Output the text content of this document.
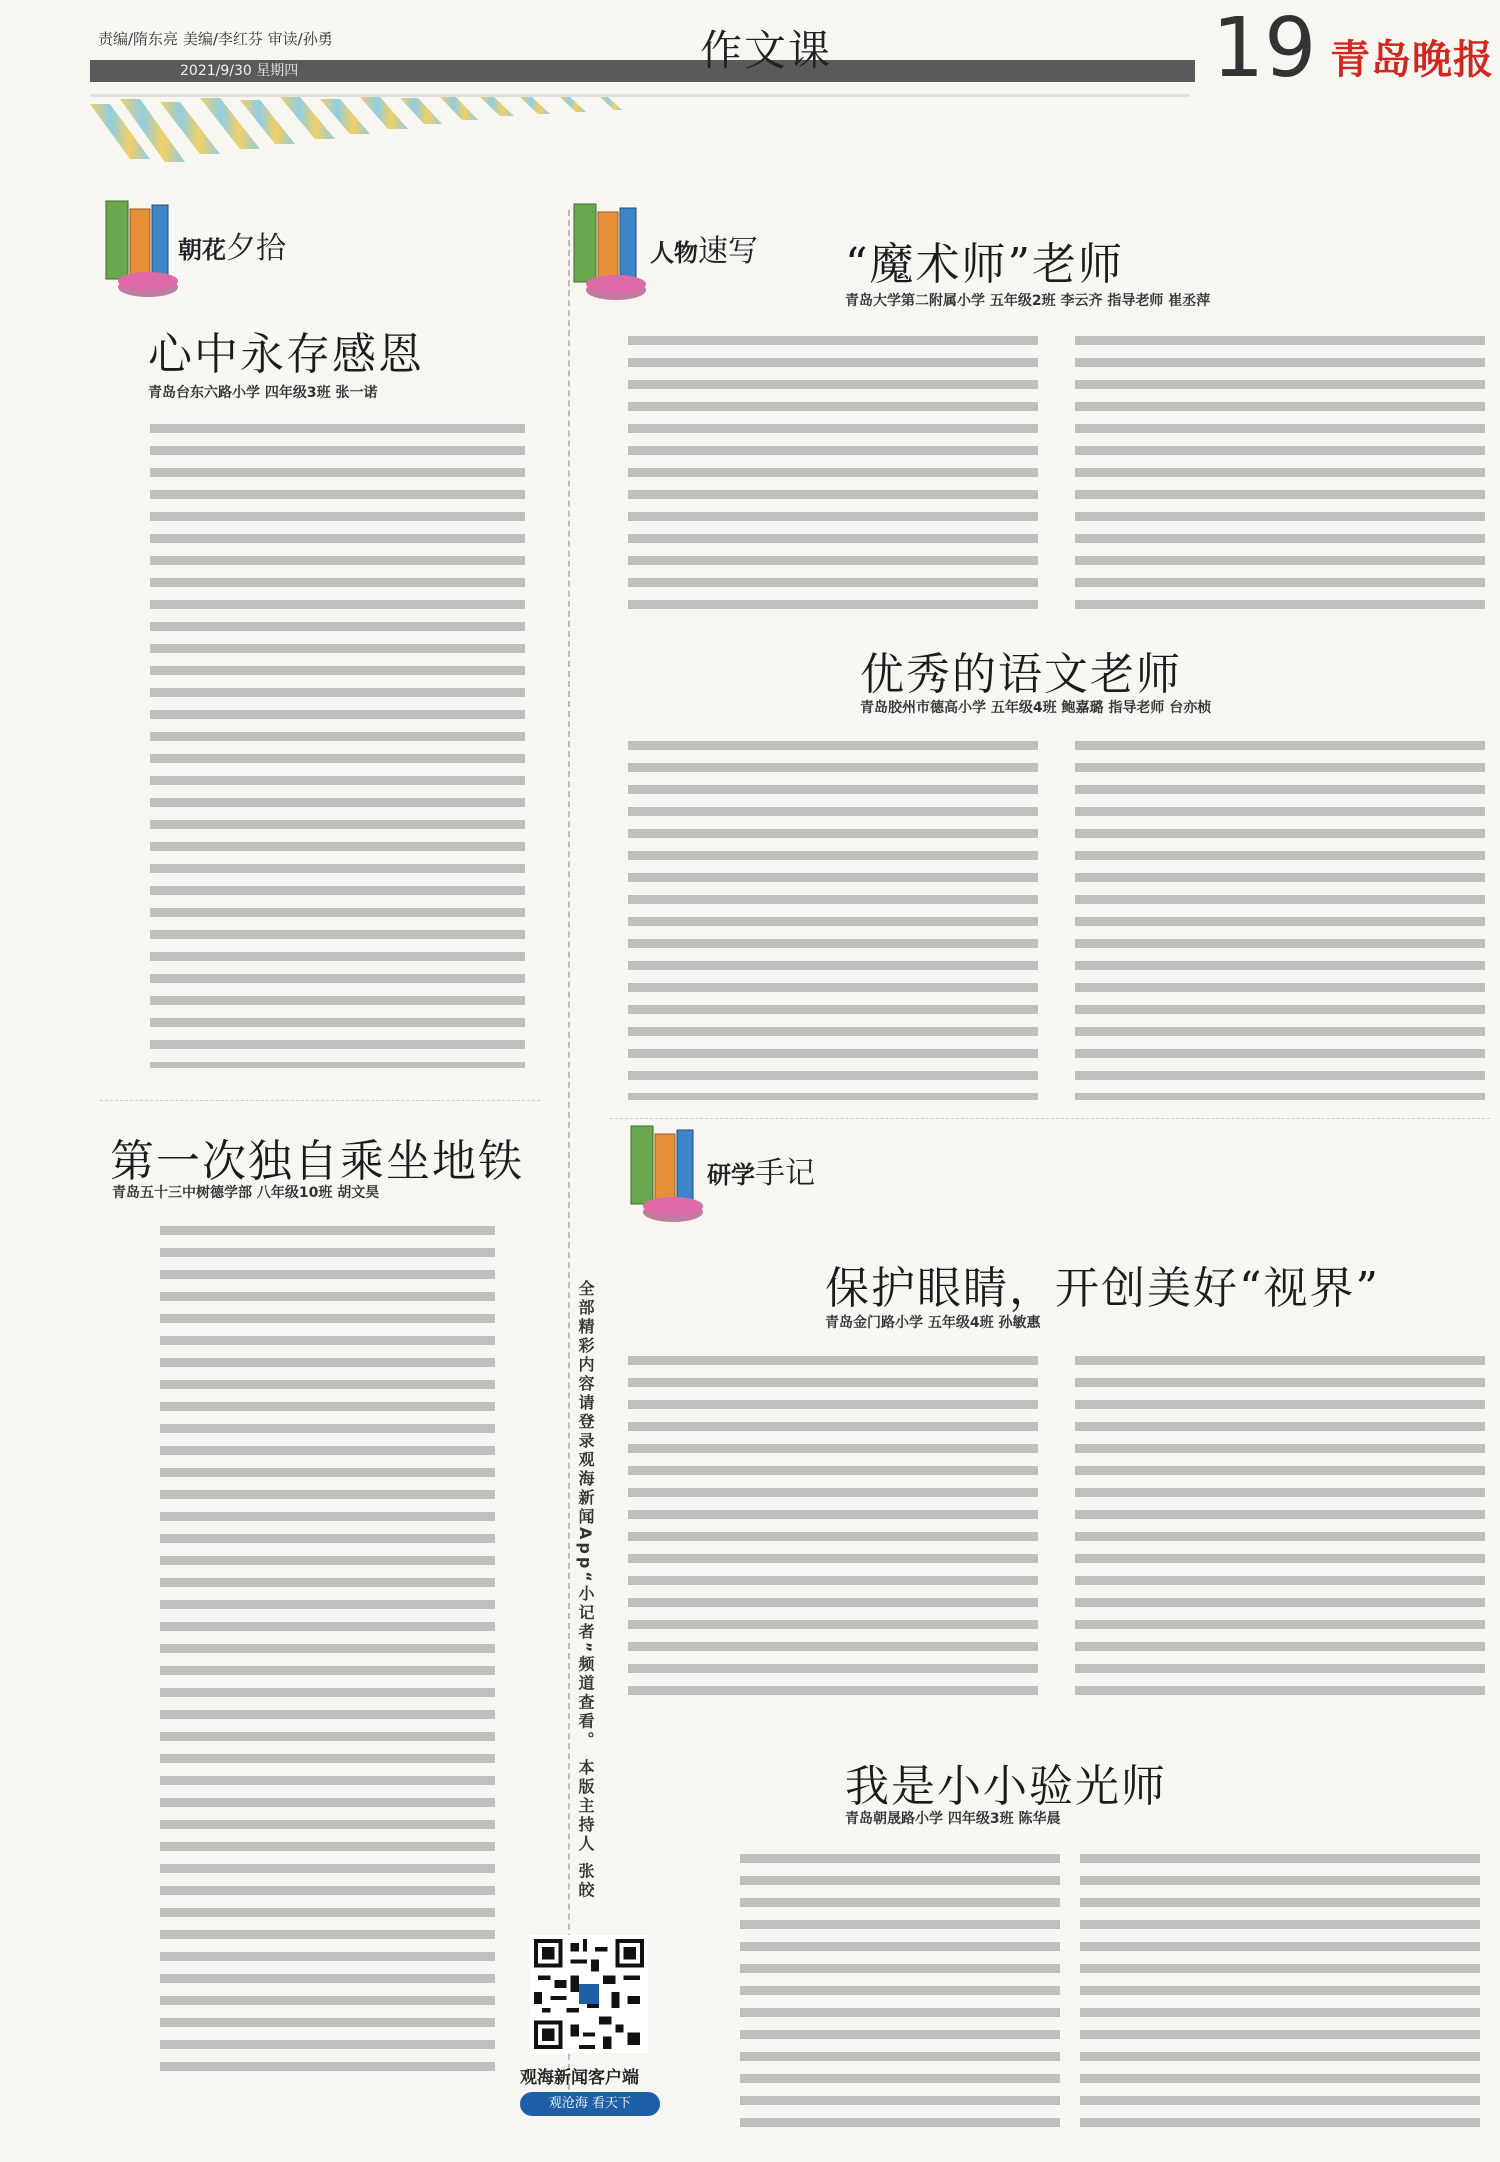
责编/隋东亮 美编/李红芬 审读/孙勇
2021/9/30 星期四	作文课	19 青岛晚报
朝花夕拾
心中永存感恩
青岛台东六路小学 四年级3班 张一诺
第一次独自乘坐地铁
青岛五十三中树德学部 八年级10班 胡文昊
全部精彩内容请登录观海新闻App“小记者”频道查看。 本版主持人 张皎
观海新闻客户端
观沧海 看天下
人物速写 “魔术师”老师
青岛大学第二附属小学 五年级2班 李云齐 指导老师 崔丞萍
优秀的语文老师
青岛胶州市德高小学 五年级4班 鲍嘉璐 指导老师 台亦桢
研学手记
保护眼睛，开创美好“视界”
青岛金门路小学 五年级4班 孙敏惠
我是小小验光师
青岛朝晟路小学 四年级3班 陈华晨
